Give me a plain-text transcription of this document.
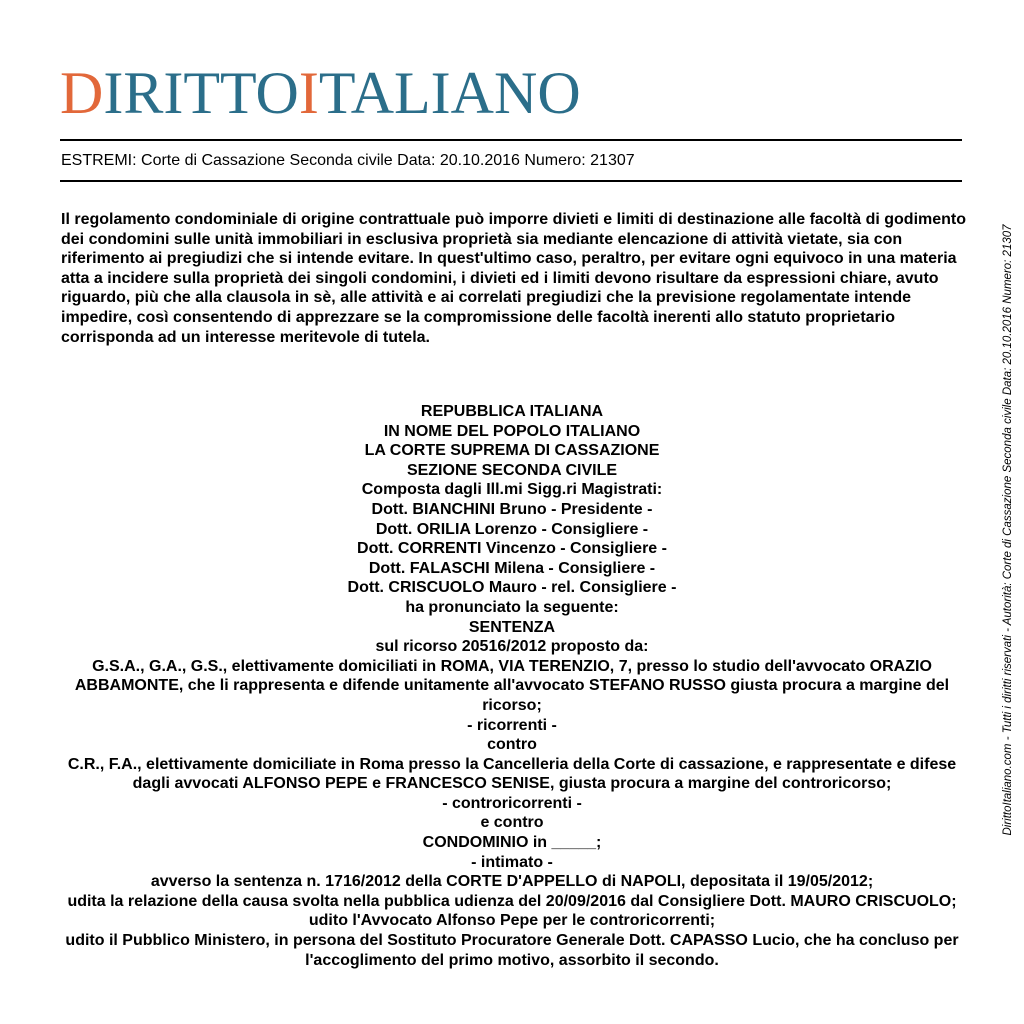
DIRITTOITALIANO
ESTREMI: Corte di Cassazione Seconda civile Data: 20.10.2016 Numero: 21307

Il regolamento condominiale di origine contrattuale può imporre divieti e limiti di destinazione alle facoltà di godimento dei condomini sulle unità immobiliari in esclusiva proprietà sia mediante elencazione di attività vietate, sia con riferimento ai pregiudizi che si intende evitare. In quest'ultimo caso, peraltro, per evitare ogni equivoco in una materia atta a incidere sulla proprietà dei singoli condomini, i divieti ed i limiti devono risultare da espressioni chiare, avuto riguardo, più che alla clausola in sè, alle attività e ai correlati pregiudizi che la previsione regolamentate intende impedire, così consentendo di apprezzare se la compromissione delle facoltà inerenti allo statuto proprietario corrisponda ad un interesse meritevole di tutela.

REPUBBLICA ITALIANA
IN NOME DEL POPOLO ITALIANO
LA CORTE SUPREMA DI CASSAZIONE
SEZIONE SECONDA CIVILE
Composta dagli Ill.mi Sigg.ri Magistrati:
Dott. BIANCHINI Bruno - Presidente -
Dott. ORILIA Lorenzo - Consigliere -
Dott. CORRENTI Vincenzo - Consigliere -
Dott. FALASCHI Milena - Consigliere -
Dott. CRISCUOLO Mauro - rel. Consigliere -
ha pronunciato la seguente:
SENTENZA
sul ricorso 20516/2012 proposto da:
G.S.A., G.A., G.S., elettivamente domiciliati in ROMA, VIA TERENZIO, 7, presso lo studio dell'avvocato ORAZIO ABBAMONTE, che li rappresenta e difende unitamente all'avvocato STEFANO RUSSO giusta procura a margine del ricorso;
- ricorrenti -
contro
C.R., F.A., elettivamente domiciliate in Roma presso la Cancelleria della Corte di cassazione, e rappresentate e difese dagli avvocati ALFONSO PEPE e FRANCESCO SENISE, giusta procura a margine del controricorso;
- controricorrenti -
e contro
CONDOMINIO in _____;
- intimato -
avverso la sentenza n. 1716/2012 della CORTE D'APPELLO di NAPOLI, depositata il 19/05/2012;
udita la relazione della causa svolta nella pubblica udienza del 20/09/2016 dal Consigliere Dott. MAURO CRISCUOLO;
udito l'Avvocato Alfonso Pepe per le controricorrenti;
udito il Pubblico Ministero, in persona del Sostituto Procuratore Generale Dott. CAPASSO Lucio, che ha concluso per l'accoglimento del primo motivo, assorbito il secondo.
DirittoItaliano.com - Tutti i diritti riservati - Autorità: Corte di Cassazione Seconda civile Data: 20.10.2016 Numero: 21307
